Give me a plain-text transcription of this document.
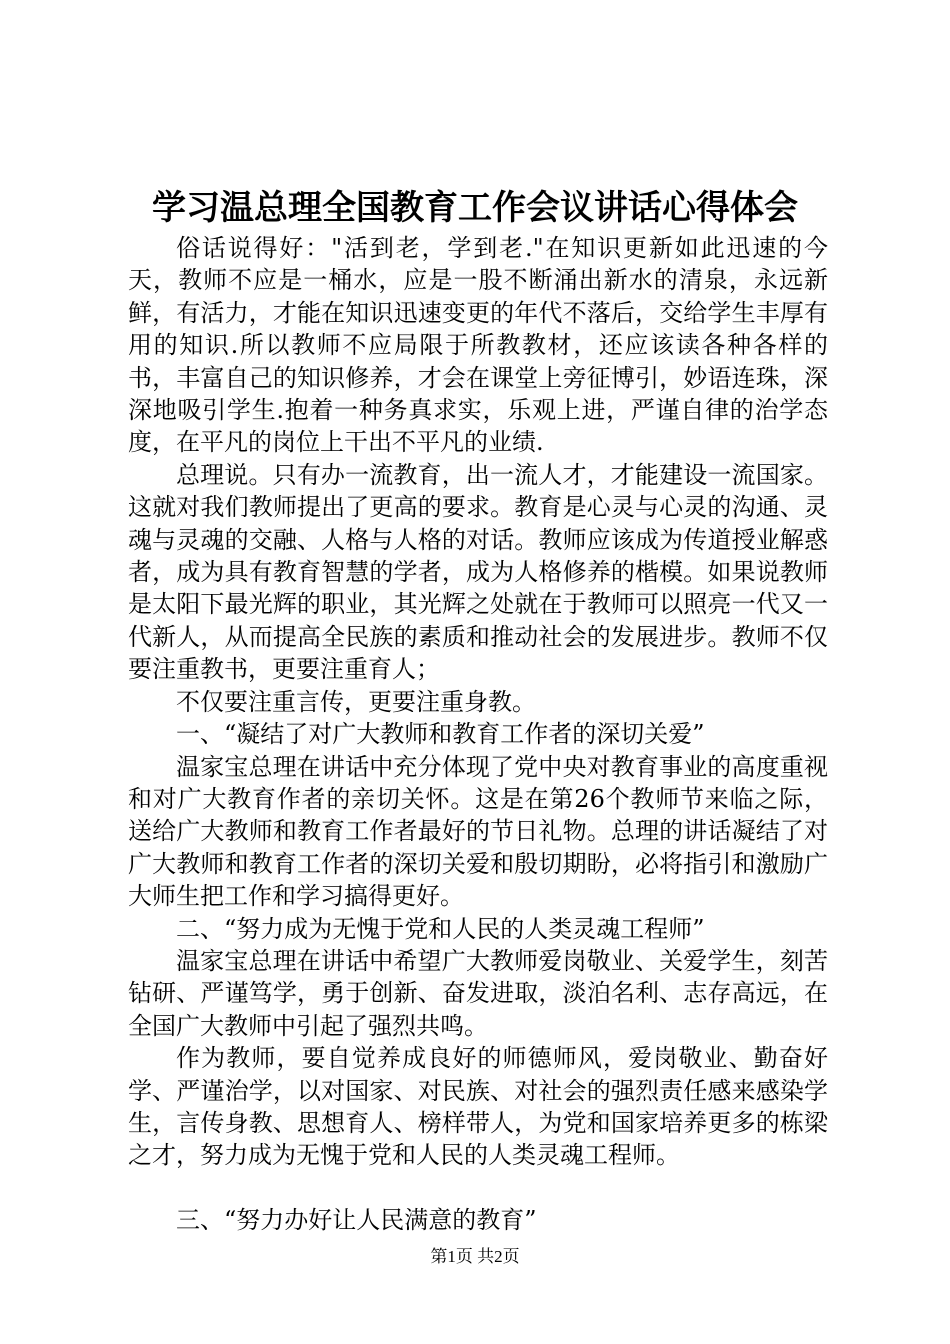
学习温总理全国教育工作会议讲话心得体会

俗话说得好："活到老，学到老."在知识更新如此迅速的今天，教师不应是一桶水，应是一股不断涌出新水的清泉，永远新鲜，有活力，才能在知识迅速变更的年代不落后，交给学生丰厚有用的知识.所以教师不应局限于所教教材，还应该读各种各样的书，丰富自己的知识修养，才会在课堂上旁征博引，妙语连珠，深深地吸引学生.抱着一种务真求实，乐观上进，严谨自律的治学态度，在平凡的岗位上干出不平凡的业绩.

总理说。只有办一流教育，出一流人才，才能建设一流国家。这就对我们教师提出了更高的要求。教育是心灵与心灵的沟通、灵魂与灵魂的交融、人格与人格的对话。教师应该成为传道授业解惑者，成为具有教育智慧的学者，成为人格修养的楷模。如果说教师是太阳下最光辉的职业，其光辉之处就在于教师可以照亮一代又一代新人，从而提高全民族的素质和推动社会的发展进步。教师不仅要注重教书，更要注重育人；

不仅要注重言传，更要注重身教。

一、“凝结了对广大教师和教育工作者的深切关爱”

温家宝总理在讲话中充分体现了党中央对教育事业的高度重视和对广大教育作者的亲切关怀。这是在第26个教师节来临之际，送给广大教师和教育工作者最好的节日礼物。总理的讲话凝结了对广大教师和教育工作者的深切关爱和殷切期盼，必将指引和激励广大师生把工作和学习搞得更好。

二、“努力成为无愧于党和人民的人类灵魂工程师”

温家宝总理在讲话中希望广大教师爱岗敬业、关爱学生，刻苦钻研、严谨笃学，勇于创新、奋发进取，淡泊名利、志存高远，在全国广大教师中引起了强烈共鸣。

作为教师，要自觉养成良好的师德师风，爱岗敬业、勤奋好学、严谨治学，以对国家、对民族、对社会的强烈责任感来感染学生，言传身教、思想育人、榜样带人，为党和国家培养更多的栋梁之才，努力成为无愧于党和人民的人类灵魂工程师。

三、“努力办好让人民满意的教育”

第1页 共2页
